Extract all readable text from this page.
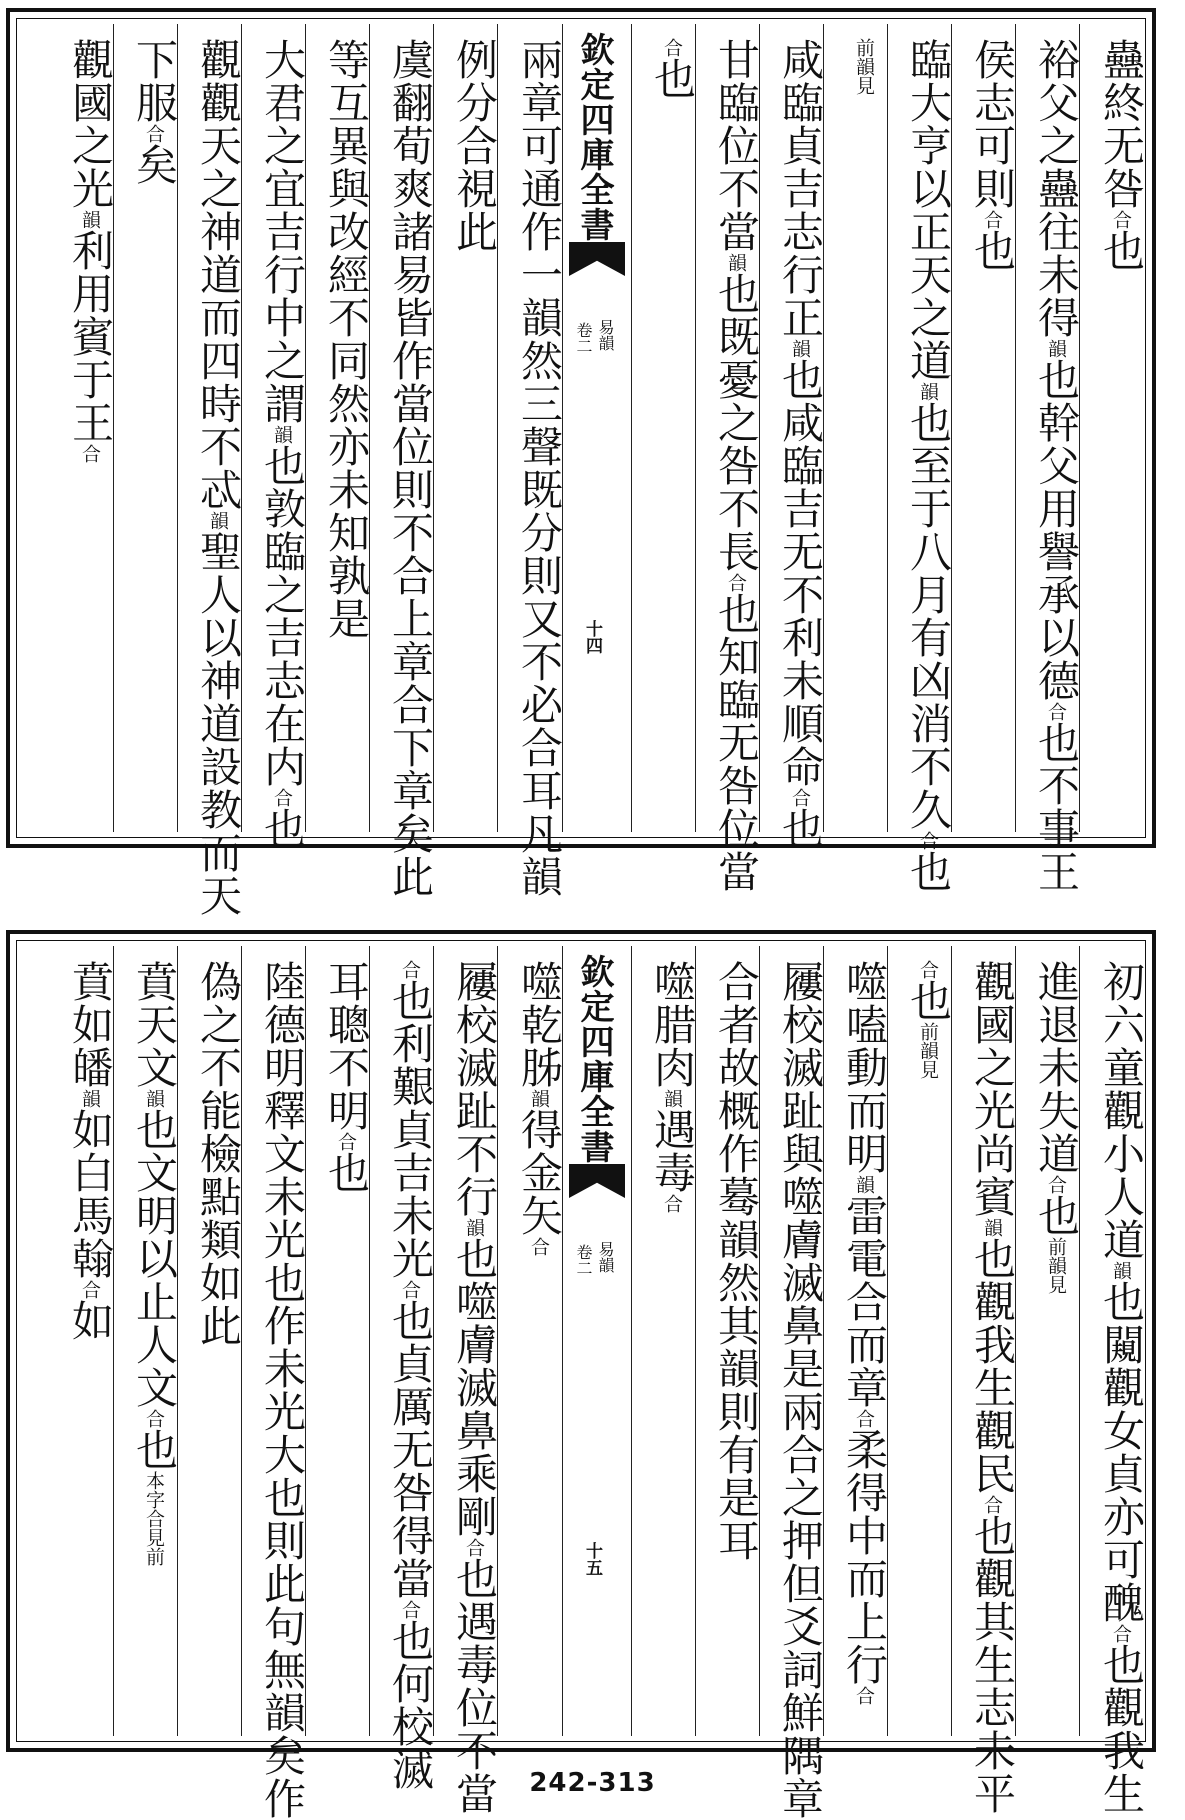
蠱終无咎合也
裕父之蠱往未得韻也幹父用譽承以德合也不事王
侯志可則合也
臨大亨以正天之道韻也至于八月有凶消不久合也
前韻見
咸臨貞吉志行正韻也咸臨吉无不利未順命合也
甘臨位不當韻也既憂之咎不長合也知臨无咎位當
合也
欽定四庫全書
易韻
卷二
十四
兩章可通作一韻然三聲既分則又不必合耳凡韻
例分合視此
虞翻荀爽諸易皆作當位則不合上章合下章矣此
等互異與改經不同然亦未知孰是
大君之宜吉行中之謂韻也敦臨之吉志在内合也
觀觀天之神道而四時不忒韻聖人以神道設教而天
下服合矣
觀國之光韻利用賓于王合
初六童觀小人道韻也闚觀女貞亦可醜合也觀我生
進退未失道合也前韻見
觀國之光尚賓韻也觀我生觀民合也觀其生志未平
合也前韻見
噬嗑動而明韻雷電合而章合柔得中而上行合
屨校滅趾與噬膚滅鼻是兩合之押但爻詞鮮隅章
合者故概作蓦韻然其韻則有是耳
噬腊肉韻遇毒合
欽定四庫全書
易韻
卷二
十五
噬乾胏韻得金矢合
屨校滅趾不行韻也噬膚滅鼻乘剛合也遇毒位不當
合也利艱貞吉未光合也貞厲无咎得當合也何校滅
耳聰不明合也
陸德明釋文未光也作未光大也則此句無韻矣作
偽之不能檢點類如此
賁天文韻也文明以止人文合也本字合見前
賁如皤韻如白馬翰合如
242-313
